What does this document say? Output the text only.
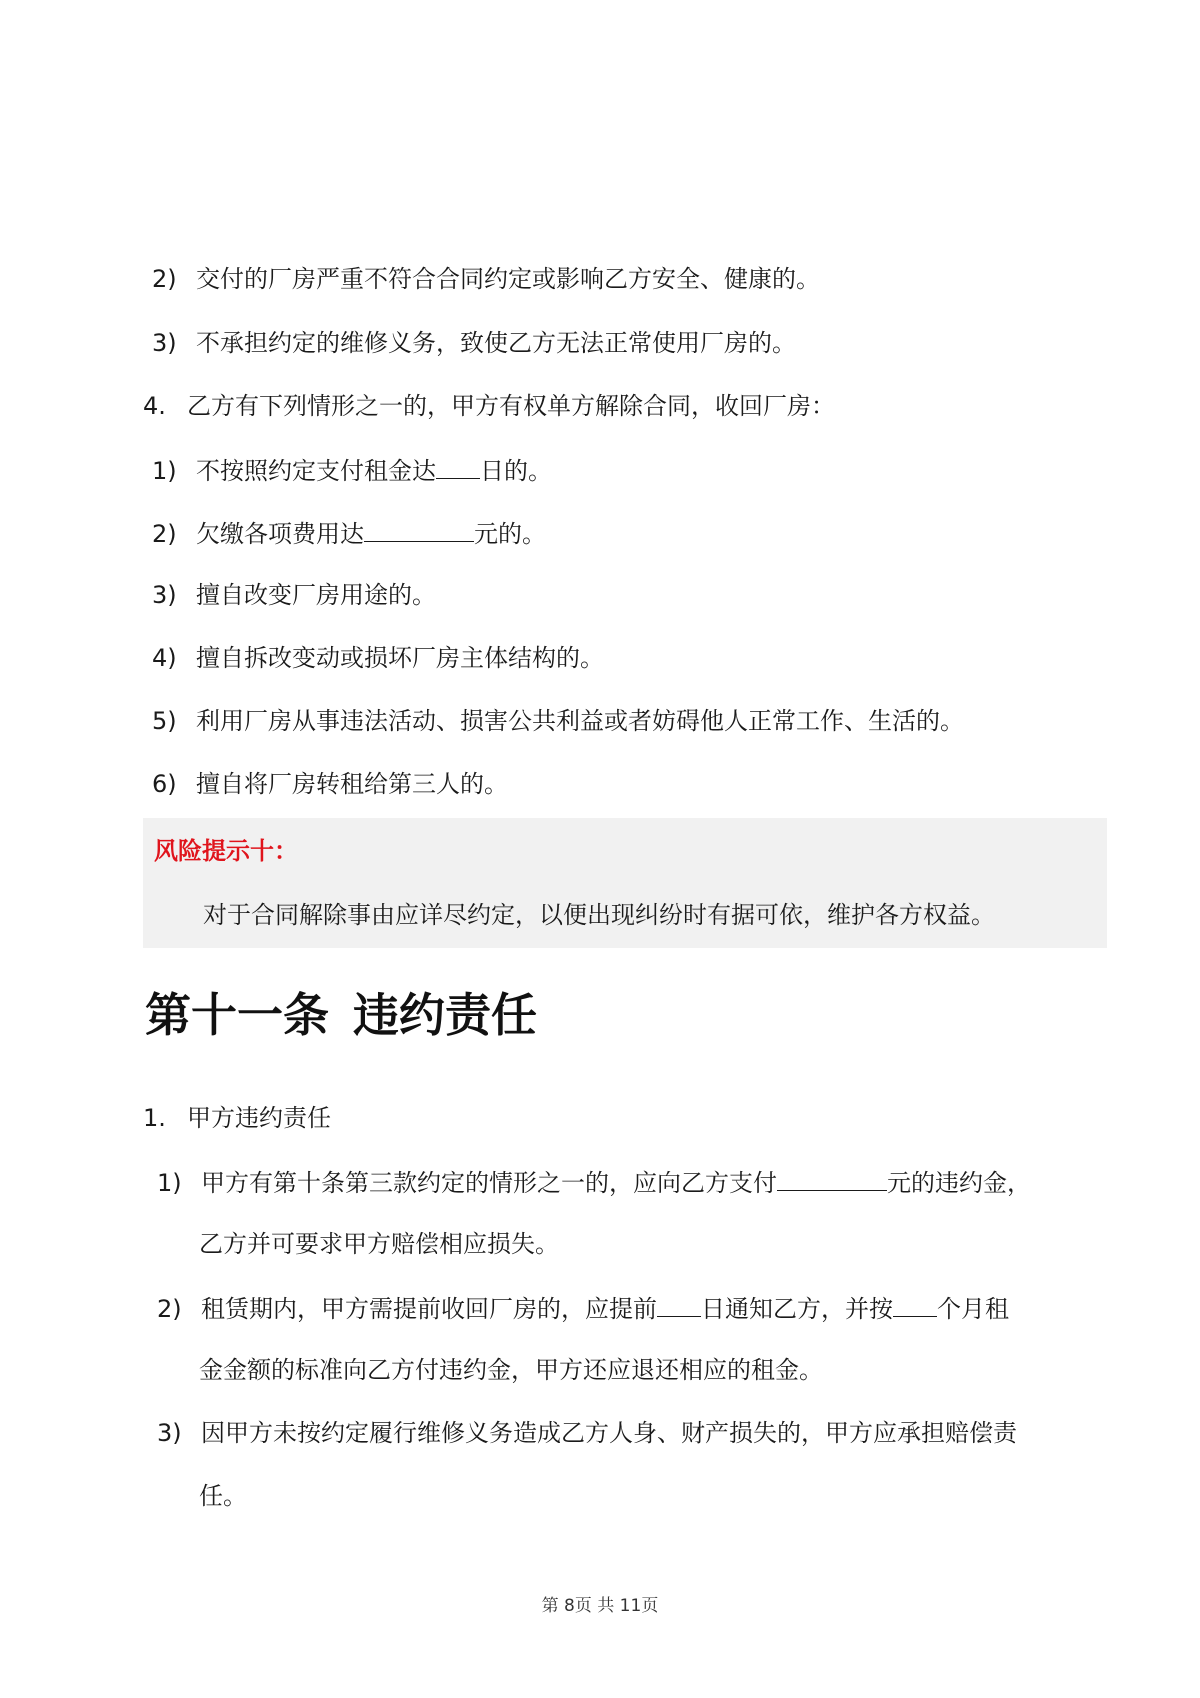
2) 交付的厂房严重不符合合同约定或影响乙方安全、健康的。
3) 不承担约定的维修义务，致使乙方无法正常使用厂房的。
4. 乙方有下列情形之一的，甲方有权单方解除合同，收回厂房：
1) 不按照约定支付租金达 日的。
2) 欠缴各项费用达	元的。
3) 擅自改变厂房用途的。
4) 擅自拆改变动或损坏厂房主体结构的。
5) 利用厂房从事违法活动、损害公共利益或者妨碍他人正常工作、生活的。
6) 擅自将厂房转租给第三人的。
风险提示十：
对于合同解除事由应详尽约定，以便出现纠纷时有据可依，维护各方权益。
第十一条 违约责任
1. 甲方违约责任
1) 甲方有第十条第三款约定的情形之一的，应向乙方支付	元的违约金，
乙方并可要求甲方赔偿相应损失。
2) 租赁期内，甲方需提前收回厂房的，应提前 日通知乙方，并按 个月租
金金额的标准向乙方付违约金，甲方还应退还相应的租金。
3) 因甲方未按约定履行维修义务造成乙方人身、财产损失的，甲方应承担赔偿责
任。
第 8页 共 11页
